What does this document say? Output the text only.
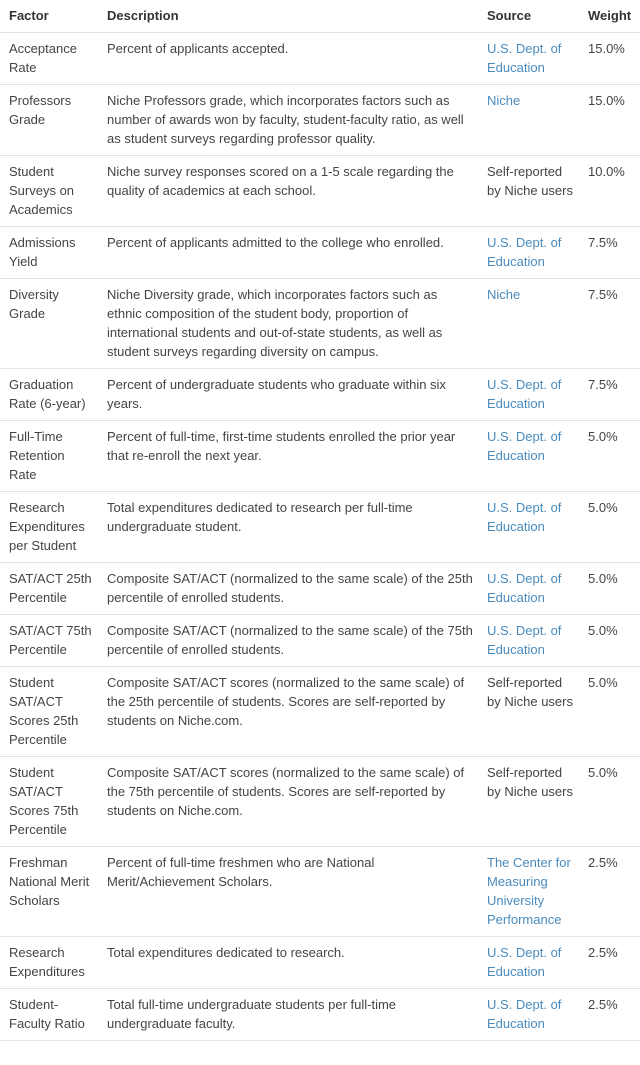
Factor	Description	Source	Weight
Acceptance Rate	Percent of applicants accepted.	U.S. Dept. of Education	15.0%
Professors Grade	Niche Professors grade, which incorporates factors such as number of awards won by faculty, student-faculty ratio, as well as student surveys regarding professor quality.	Niche	15.0%
Student Surveys on Academics	Niche survey responses scored on a 1-5 scale regarding the quality of academics at each school.	Self-reported by Niche users	10.0%
Admissions Yield	Percent of applicants admitted to the college who enrolled.	U.S. Dept. of Education	7.5%
Diversity Grade	Niche Diversity grade, which incorporates factors such as ethnic composition of the student body, proportion of international students and out-of-state students, as well as student surveys regarding diversity on campus.	Niche	7.5%
Graduation Rate (6-year)	Percent of undergraduate students who graduate within six years.	U.S. Dept. of Education	7.5%
Full-Time Retention Rate	Percent of full-time, first-time students enrolled the prior year that re-enroll the next year.	U.S. Dept. of Education	5.0%
Research Expenditures per Student	Total expenditures dedicated to research per full-time undergraduate student.	U.S. Dept. of Education	5.0%
SAT/ACT 25th Percentile	Composite SAT/ACT (normalized to the same scale) of the 25th percentile of enrolled students.	U.S. Dept. of Education	5.0%
SAT/ACT 75th Percentile	Composite SAT/ACT (normalized to the same scale) of the 75th percentile of enrolled students.	U.S. Dept. of Education	5.0%
Student SAT/ACT Scores 25th Percentile	Composite SAT/ACT scores (normalized to the same scale) of the 25th percentile of students. Scores are self-reported by students on Niche.com.	Self-reported by Niche users	5.0%
Student SAT/ACT Scores 75th Percentile	Composite SAT/ACT scores (normalized to the same scale) of the 75th percentile of students. Scores are self-reported by students on Niche.com.	Self-reported by Niche users	5.0%
Freshman National Merit Scholars	Percent of full-time freshmen who are National Merit/Achievement Scholars.	The Center for Measuring University Performance	2.5%
Research Expenditures	Total expenditures dedicated to research.	U.S. Dept. of Education	2.5%
Student-Faculty Ratio	Total full-time undergraduate students per full-time undergraduate faculty.	U.S. Dept. of Education	2.5%
